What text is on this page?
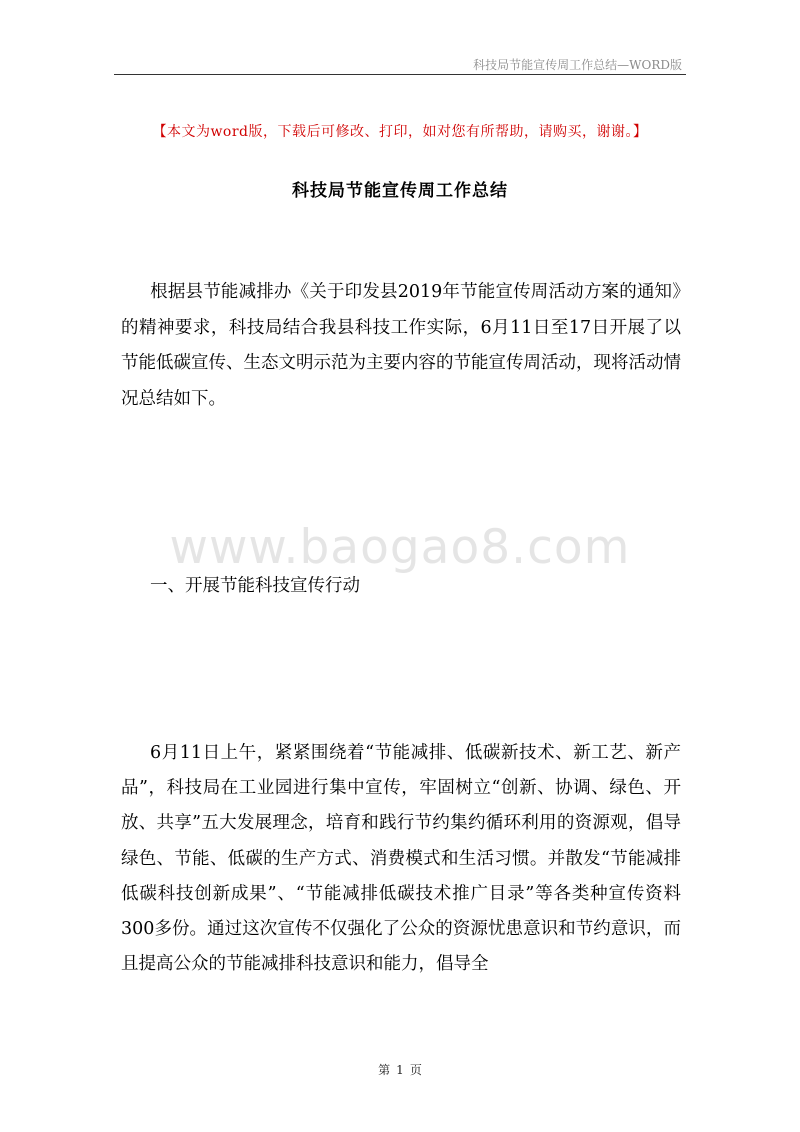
科技局节能宣传周工作总结—WORD版
【本文为word版，下载后可修改、打印，如对您有所帮助，请购买，谢谢。】
科技局节能宣传周工作总结
根据县节能减排办《关于印发县2019年节能宣传周活动方案的通知》的精神要求，科技局结合我县科技工作实际，6月11日至17日开展了以节能低碳宣传、生态文明示范为主要内容的节能宣传周活动，现将活动情况总结如下。
www.baogao8.com
一、开展节能科技宣传行动
6月11日上午，紧紧围绕着“节能减排、低碳新技术、新工艺、新产品”，科技局在工业园进行集中宣传，牢固树立“创新、协调、绿色、开放、共享”五大发展理念，培育和践行节约集约循环利用的资源观，倡导绿色、节能、低碳的生产方式、消费模式和生活习惯。并散发“节能减排低碳科技创新成果”、“节能减排低碳技术推广目录”等各类种宣传资料300多份。通过这次宣传不仅强化了公众的资源忧患意识和节约意识，而且提高公众的节能减排科技意识和能力，倡导全
第 1 页
